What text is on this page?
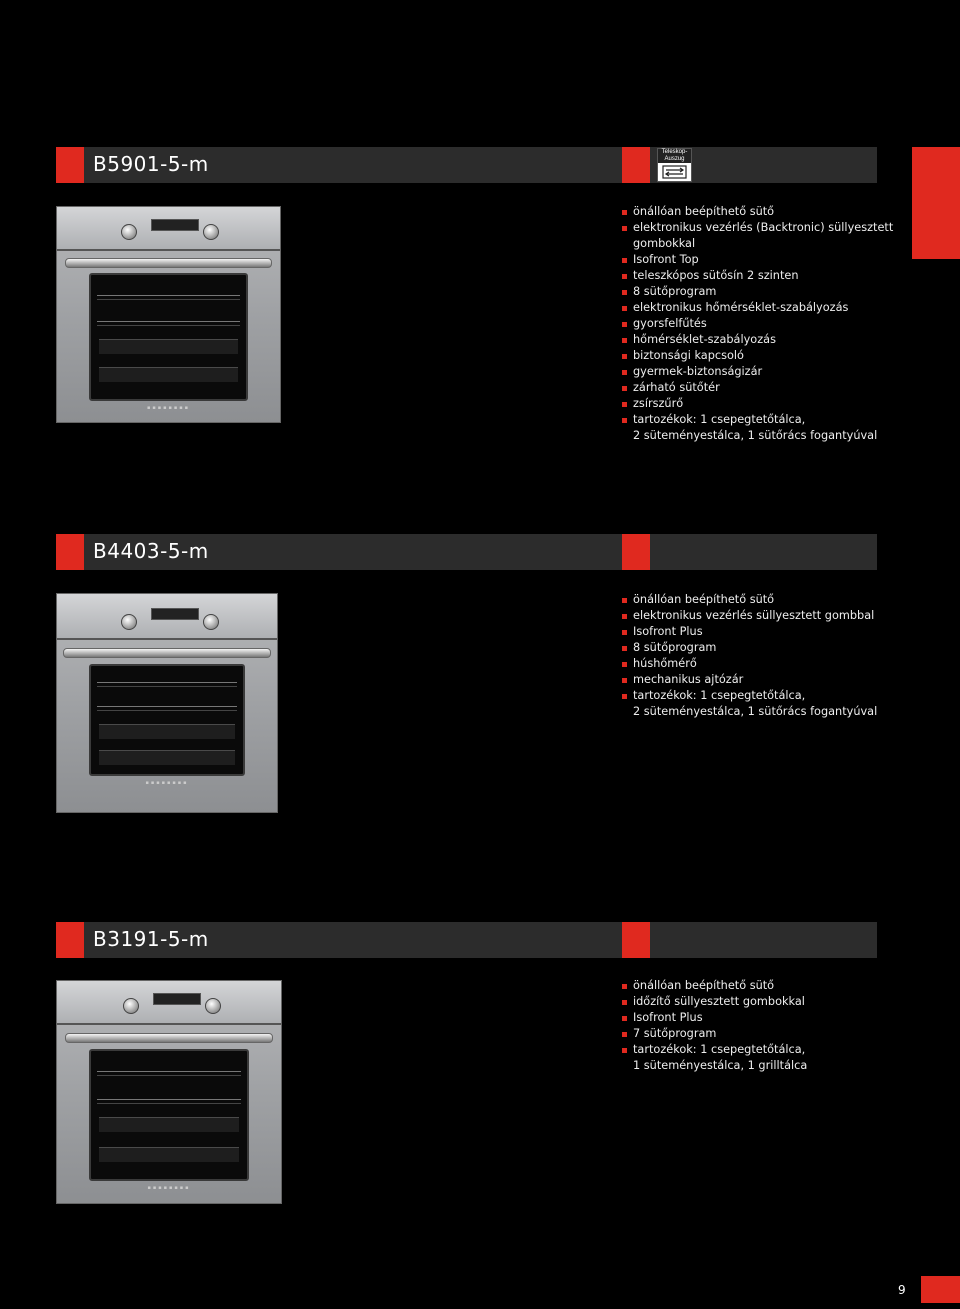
B5901-5-m	Teleskop-Auszug
▪▪▪▪▪▪▪▪
önállóan beépíthető sütő
elektronikus vezérlés (Backtronic) süllyesztett
gombokkal
Isofront Top
teleszkópos sütősín 2 szinten
8 sütőprogram
elektronikus hőmérséklet-szabályozás
gyorsfelfűtés
hőmérséklet-szabályozás
biztonsági kapcsoló
gyermek-biztonságizár
zárható sütőtér
zsírszűrő
tartozékok: 1 csepegtetőtálca,
2 süteményestálca, 1 sütőrács fogantyúval
B4403-5-m
▪▪▪▪▪▪▪▪
önállóan beépíthető sütő
elektronikus vezérlés süllyesztett gombbal
Isofront Plus
8 sütőprogram
húshőmérő
mechanikus ajtózár
tartozékok: 1 csepegtetőtálca,
2 süteményestálca, 1 sütőrács fogantyúval
B3191-5-m
▪▪▪▪▪▪▪▪
önállóan beépíthető sütő
időzítő süllyesztett gombokkal
Isofront Plus
7 sütőprogram
tartozékok: 1 csepegtetőtálca,
1 süteményestálca, 1 grilltálca
9
